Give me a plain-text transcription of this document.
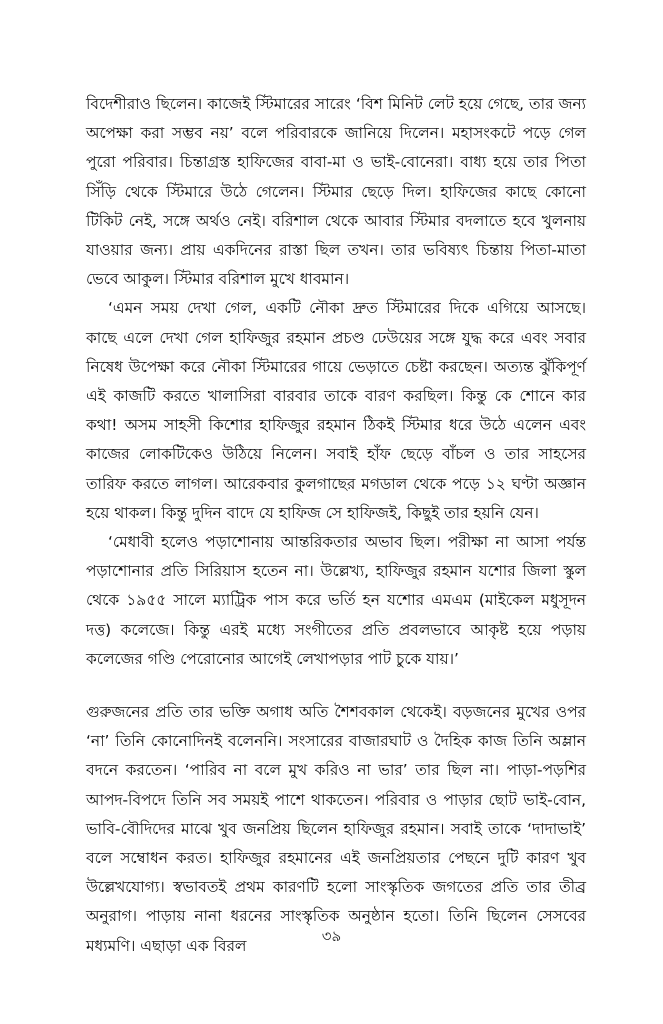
বিদেশীরাও ছিলেন। কাজেই স্টিমারের সারেং ‘বিশ মিনিট লেট হয়ে গেছে, তার জন্য অপেক্ষা করা সম্ভব নয়’ বলে পরিবারকে জানিয়ে দিলেন। মহাসংকটে পড়ে গেল পুরো পরিবার। চিন্তাগ্রস্ত হাফিজের বাবা-মা ও ভাই-বোনেরা। বাধ্য হয়ে তার পিতা সিঁড়ি থেকে স্টিমারে উঠে গেলেন। স্টিমার ছেড়ে দিল। হাফিজের কাছে কোনো টিকিট নেই, সঙ্গে অর্থও নেই। বরিশাল থেকে আবার স্টিমার বদলাতে হবে খুলনায় যাওয়ার জন্য। প্রায় একদিনের রাস্তা ছিল তখন। তার ভবিষ্যৎ চিন্তায় পিতা-মাতা ভেবে আকুল। স্টিমার বরিশাল মুখে ধাবমান।

‘এমন সময় দেখা গেল, একটি নৌকা দ্রুত স্টিমারের দিকে এগিয়ে আসছে। কাছে এলে দেখা গেল হাফিজুর রহমান প্রচণ্ড ঢেউয়ের সঙ্গে যুদ্ধ করে এবং সবার নিষেধ উপেক্ষা করে নৌকা স্টিমারের গায়ে ভেড়াতে চেষ্টা করছেন। অত্যন্ত ঝুঁকিপূর্ণ এই কাজটি করতে খালাসিরা বারবার তাকে বারণ করছিল। কিন্তু কে শোনে কার কথা! অসম সাহসী কিশোর হাফিজুর রহমান ঠিকই স্টিমার ধরে উঠে এলেন এবং কাজের লোকটিকেও উঠিয়ে নিলেন। সবাই হাঁফ ছেড়ে বাঁচল ও তার সাহসের তারিফ করতে লাগল। আরেকবার কুলগাছের মগডাল থেকে পড়ে ১২ ঘণ্টা অজ্ঞান হয়ে থাকল। কিন্তু দুদিন বাদে যে হাফিজ সে হাফিজই, কিছুই তার হয়নি যেন।

‘মেধাবী হলেও পড়াশোনায় আন্তরিকতার অভাব ছিল। পরীক্ষা না আসা পর্যন্ত পড়াশোনার প্রতি সিরিয়াস হতেন না। উল্লেখ্য, হাফিজুর রহমান যশোর জিলা স্কুল থেকে ১৯৫৫ সালে ম্যাট্রিক পাস করে ভর্তি হন যশোর এমএম (মাইকেল মধুসূদন দত্ত) কলেজে। কিন্তু এরই মধ্যে সংগীতের প্রতি প্রবলভাবে আকৃষ্ট হয়ে পড়ায় কলেজের গণ্ডি পেরোনোর আগেই লেখাপড়ার পাট চুকে যায়।’

গুরুজনের প্রতি তার ভক্তি অগাধ অতি শৈশবকাল থেকেই। বড়জনের মুখের ওপর ‘না’ তিনি কোনোদিনই বলেননি। সংসারের বাজারঘাট ও দৈহিক কাজ তিনি অম্লান বদনে করতেন। ‘পারিব না বলে মুখ করিও না ভার’ তার ছিল না। পাড়া-পড়শির আপদ-বিপদে তিনি সব সময়ই পাশে থাকতেন। পরিবার ও পাড়ার ছোট ভাই-বোন, ভাবি-বৌদিদের মাঝে খুব জনপ্রিয় ছিলেন হাফিজুর রহমান। সবাই তাকে ‘দাদাভাই’ বলে সম্বোধন করত। হাফিজুর রহমানের এই জনপ্রিয়তার পেছনে দুটি কারণ খুব উল্লেখযোগ্য। স্বভাবতই প্রথম কারণটি হলো সাংস্কৃতিক জগতের প্রতি তার তীব্র অনুরাগ। পাড়ায় নানা ধরনের সাংস্কৃতিক অনুষ্ঠান হতো। তিনি ছিলেন সেসবের মধ্যমণি। এছাড়া এক বিরল

৩৯
